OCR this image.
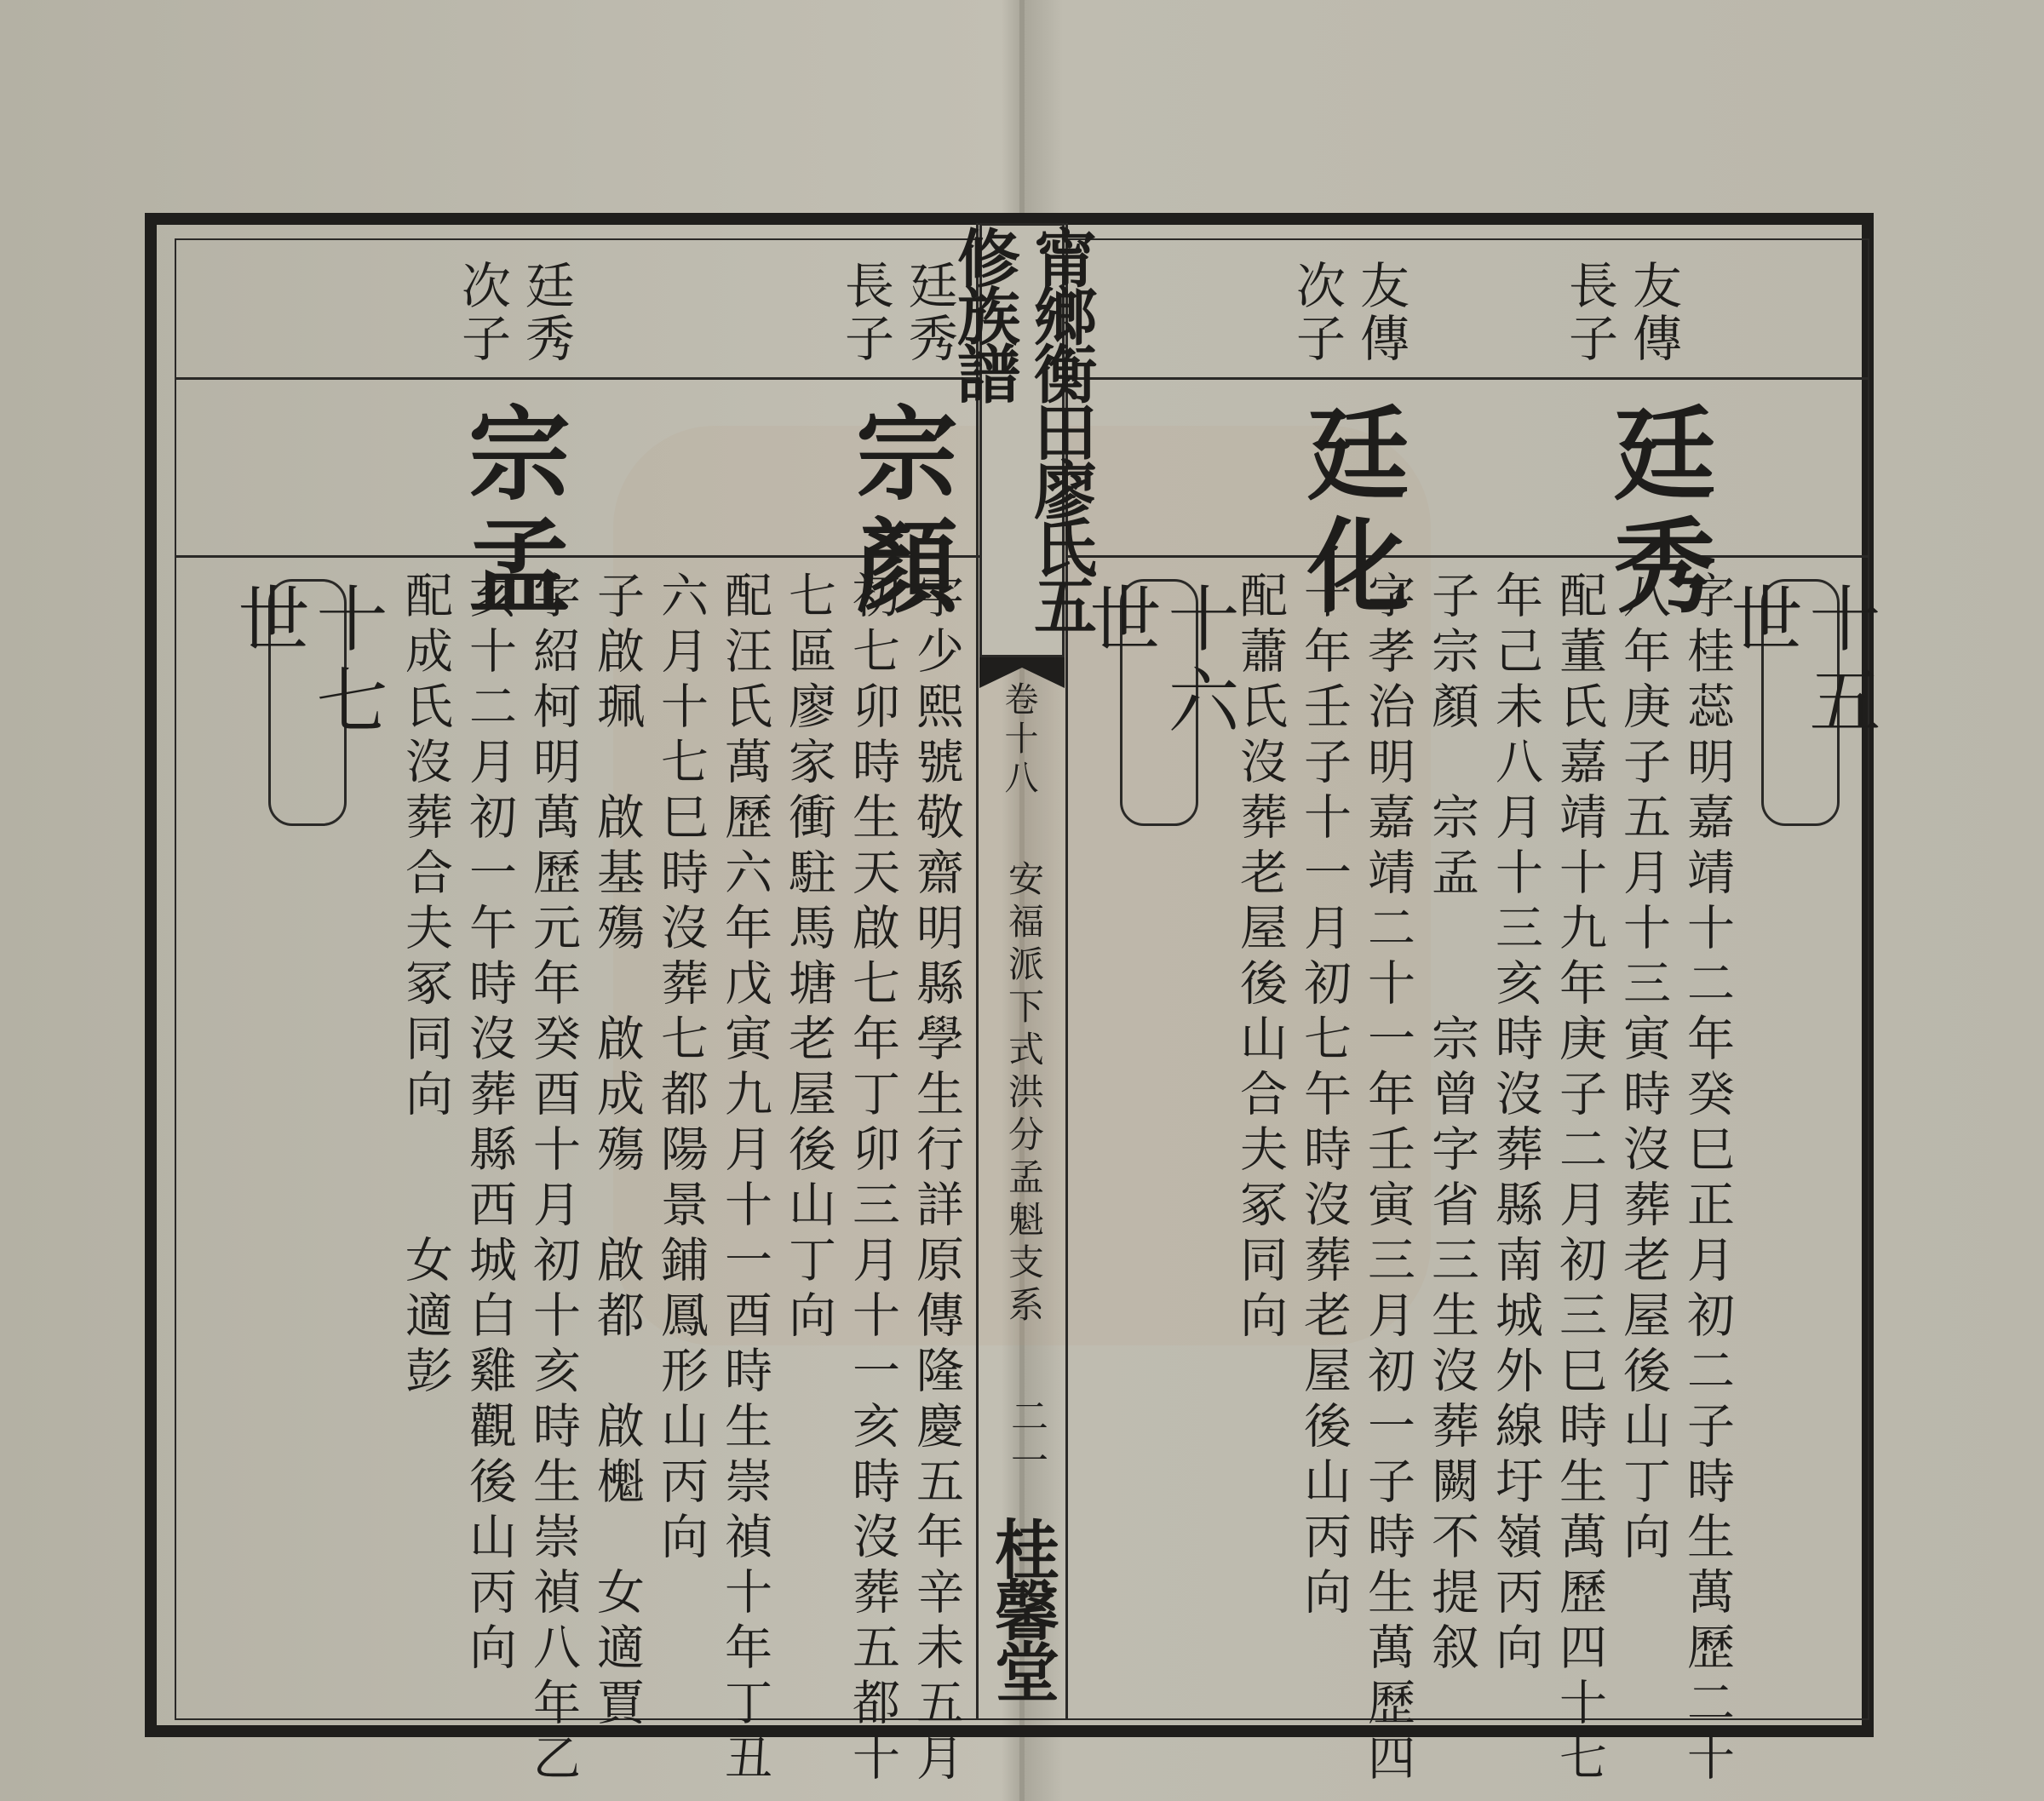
甯鄉衡田廖氏五修族譜
卷十八
安福派下式洪分孟魁支系
二一
桂馨堂
友傳
長子
廷秀
友傳
次子
廷化
十五世
十六世	字桂蕊明嘉靖十二年癸巳正月初二子時生萬歷二十
八年庚子五月十三寅時沒葬老屋後山丁向
配董氏嘉靖十九年庚子二月初三巳時生萬歷四十七
年己未八月十三亥時沒葬縣南城外線圩嶺丙向
子宗顏　宗孟　　宗曾字省三生沒葬闕不提叙
字孝治明嘉靖二十一年壬寅三月初一子時生萬歷四
十年壬子十一月初七午時沒葬老屋後山丙向
配蕭氏沒葬老屋後山合夫冢同向
廷秀
長子
宗顏
廷秀
次子
宗孟
十七世	字少熙號敬齋明縣學生行詳原傳隆慶五年辛未五月
初七卯時生天啟七年丁卯三月十一亥時沒葬五都十
七區廖家衝駐馬塘老屋後山丁向
配汪氏萬歷六年戊寅九月十一酉時生崇禎十年丁丑
六月十七巳時沒葬七都陽景鋪鳳形山丙向
子啟珮　啟基殤　啟成殤　啟都　啟櫆　女適賈
字紹柯明萬歷元年癸酉十月初十亥時生崇禎八年乙
亥十二月初一午時沒葬縣西城白雞觀後山丙向
配成氏沒葬合夫冢同向　　女適彭
